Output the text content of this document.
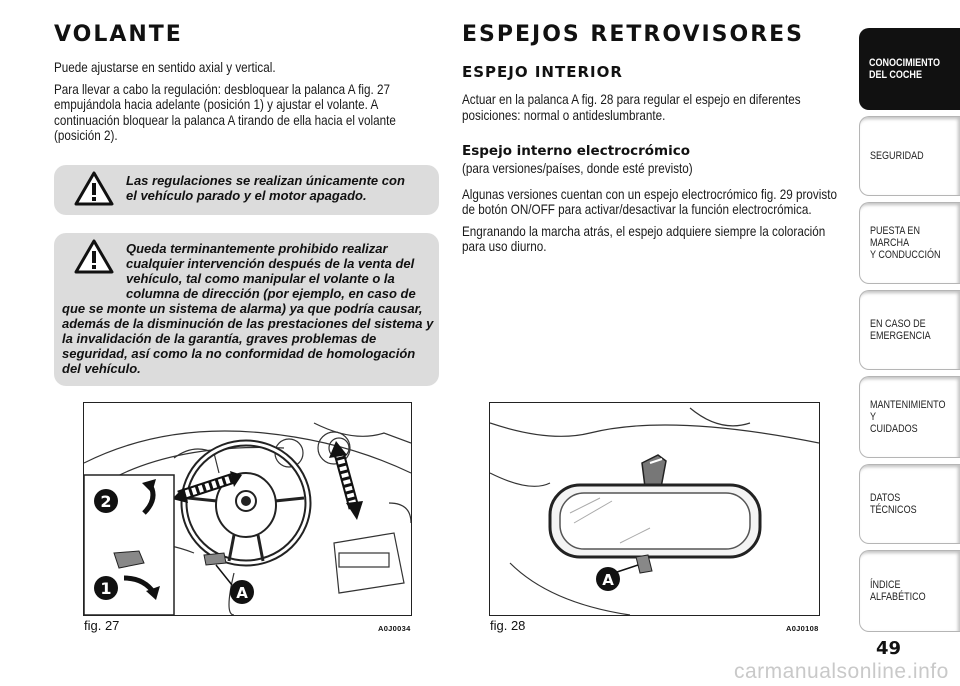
VOLANTE

Puede ajustarse en sentido axial y vertical.

Para llevar a cabo la regulación: desbloquear la palanca A fig. 27 empujándola hacia adelante (posición 1) y ajustar el volante. A continuación bloquear la palanca A tirando de ella hacia el volante (posición 2).

Las regulaciones se realizan únicamente con el vehículo parado y el motor apagado.
Queda terminantemente prohibido realizar cualquier intervención después de la venta del vehículo, tal como manipular el volante o la columna de dirección (por ejemplo, en caso de que se monte un sistema de alarma) ya que podría causar, además de la disminución de las prestaciones del sistema y la invalidación de la garantía, graves problemas de seguridad, así como la no conformidad de homologación del vehículo.
2
1	A
fig. 27	A0J0034
ESPEJOS RETROVISORES
ESPEJO INTERIOR

Actuar en la palanca A fig. 28 para regular el espejo en diferentes posiciones: normal o antideslumbrante.

Espejo interno electrocrómico

(para versiones/países, donde esté previsto)

Algunas versiones cuentan con un espejo electrocrómico fig. 29 provisto de botón ON/OFF para activar/desactivar la función electrocrómica.

Engranando la marcha atrás, el espejo adquiere siempre la coloración para uso diurno.

A
fig. 28	A0J0108
CONOCIMIENTO
DEL COCHE
SEGURIDAD
PUESTA EN MARCHA
Y CONDUCCIÓN
EN CASO DE
EMERGENCIA
MANTENIMIENTO Y
CUIDADOS
DATOS TÉCNICOS
ÍNDICE ALFABÉTICO
49
carmanualsonline.info
